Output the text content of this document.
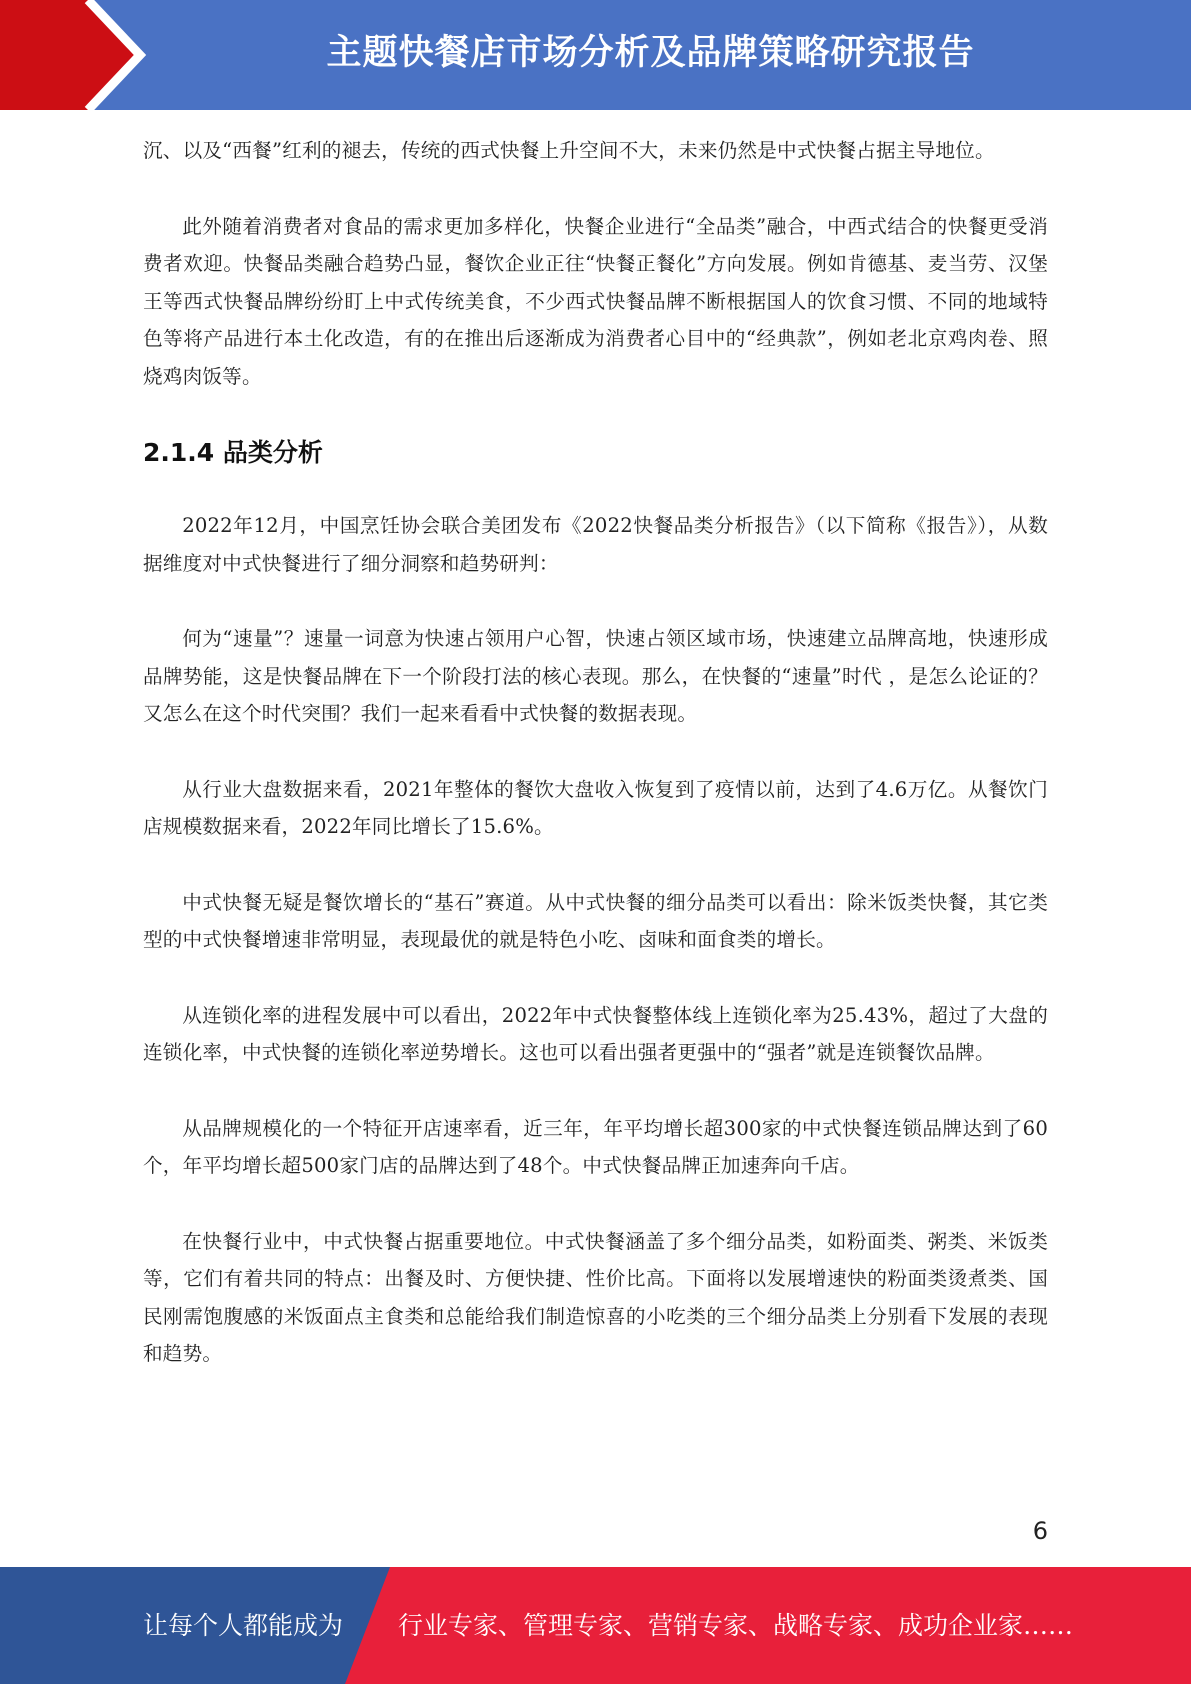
主题快餐店市场分析及品牌策略研究报告

沉、以及“西餐”红利的褪去，传统的西式快餐上升空间不大，未来仍然是中式快餐占据主导地位。

此外随着消费者对食品的需求更加多样化，快餐企业进行“全品类”融合，中西式结合的快餐更受消费者欢迎。快餐品类融合趋势凸显，餐饮企业正往“快餐正餐化”方向发展。例如肯德基、麦当劳、汉堡王等西式快餐品牌纷纷盯上中式传统美食，不少西式快餐品牌不断根据国人的饮食习惯、不同的地域特色等将产品进行本土化改造，有的在推出后逐渐成为消费者心目中的“经典款”，例如老北京鸡肉卷、照烧鸡肉饭等。

2.1.4 品类分析

2022年12月，中国烹饪协会联合美团发布《2022快餐品类分析报告》（以下简称《报告》），从数据维度对中式快餐进行了细分洞察和趋势研判：

何为“速量”？速量一词意为快速占领用户心智，快速占领区域市场，快速建立品牌高地，快速形成品牌势能，这是快餐品牌在下一个阶段打法的核心表现。那么，在快餐的“速量”时代 ，是怎么论证的？又怎么在这个时代突围？我们一起来看看中式快餐的数据表现。

从行业大盘数据来看，2021年整体的餐饮大盘收入恢复到了疫情以前，达到了4.6万亿。从餐饮门店规模数据来看，2022年同比增长了15.6%。

中式快餐无疑是餐饮增长的“基石”赛道。从中式快餐的细分品类可以看出：除米饭类快餐，其它类型的中式快餐增速非常明显，表现最优的就是特色小吃、卤味和面食类的增长。

从连锁化率的进程发展中可以看出，2022年中式快餐整体线上连锁化率为25.43%，超过了大盘的连锁化率，中式快餐的连锁化率逆势增长。这也可以看出强者更强中的“强者”就是连锁餐饮品牌。

从品牌规模化的一个特征开店速率看，近三年，年平均增长超300家的中式快餐连锁品牌达到了60个，年平均增长超500家门店的品牌达到了48个。中式快餐品牌正加速奔向千店。

在快餐行业中，中式快餐占据重要地位。中式快餐涵盖了多个细分品类，如粉面类、粥类、米饭类等，它们有着共同的特点：出餐及时、方便快捷、性价比高。下面将以发展增速快的粉面类烫煮类、国民刚需饱腹感的米饭面点主食类和总能给我们制造惊喜的小吃类的三个细分品类上分别看下发展的表现和趋势。

6
让每个人都能成为 行业专家、管理专家、营销专家、战略专家、成功企业家……
